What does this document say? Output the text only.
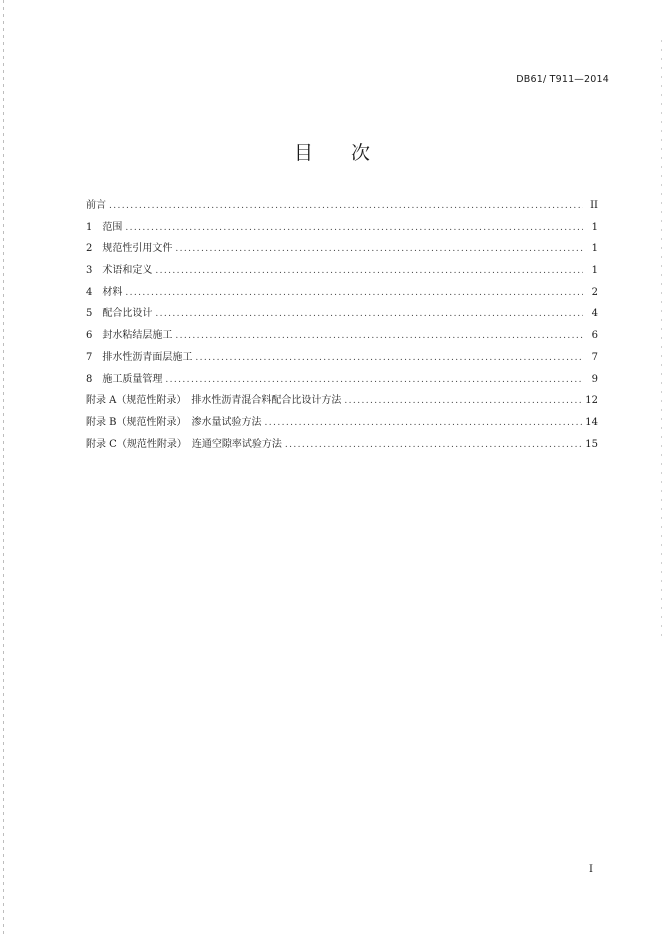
DB61/ T911—2014
目 次
前言 .....	II
1　范围 .....	1
2　规范性引用文件 .....	1
3　术语和定义 .....	1
4　材料 .....	2
5　配合比设计 .....	4
6　封水粘结层施工 .....	6
7　排水性沥青面层施工 .....	7
8　施工质量管理 .....	9
附录 A（规范性附录）　排水性沥青混合料配合比设计方法 .....	12
附录 B（规范性附录）　渗水量试验方法 .....	14
附录 C（规范性附录）　连通空隙率试验方法 .....	15
I
